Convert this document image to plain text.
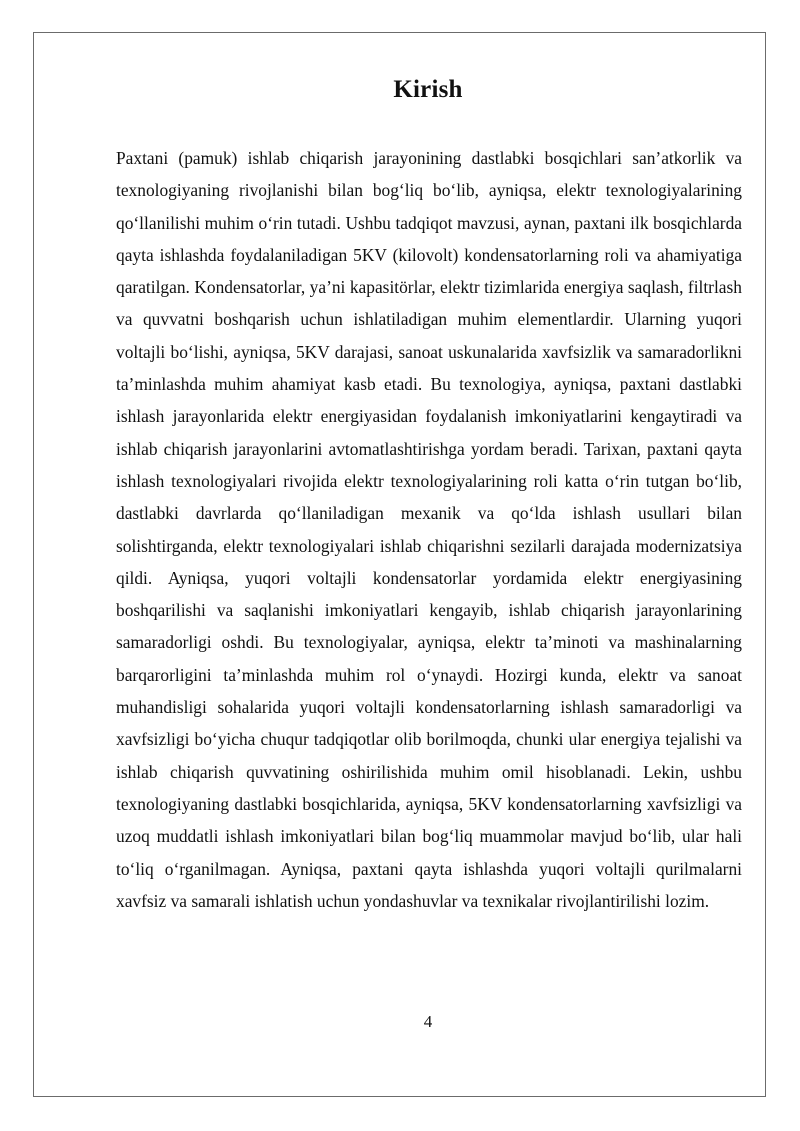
Kirish

Paxtani (pamuk) ishlab chiqarish jarayonining dastlabki bosqichlari san’atkorlik va texnologiyaning rivojlanishi bilan bog‘liq bo‘lib, ayniqsa, elektr texnologiyalarining qo‘llanilishi muhim o‘rin tutadi. Ushbu tadqiqot mavzusi, aynan, paxtani ilk bosqichlarda qayta ishlashda foydalaniladigan 5KV (kilovolt) kondensatorlarning roli va ahamiyatiga qaratilgan. Kondensatorlar, ya’ni kapasitörlar, elektr tizimlarida energiya saqlash, filtrlash va quvvatni boshqarish uchun ishlatiladigan muhim elementlardir. Ularning yuqori voltajli bo‘lishi, ayniqsa, 5KV darajasi, sanoat uskunalarida xavfsizlik va samaradorlikni ta’minlashda muhim ahamiyat kasb etadi. Bu texnologiya, ayniqsa, paxtani dastlabki ishlash jarayonlarida elektr energiyasidan foydalanish imkoniyatlarini kengaytiradi va ishlab chiqarish jarayonlarini avtomatlashtirishga yordam beradi. Tarixan, paxtani qayta ishlash texnologiyalari rivojida elektr texnologiyalarining roli katta o‘rin tutgan bo‘lib, dastlabki davrlarda qo‘llaniladigan mexanik va qo‘lda ishlash usullari bilan solishtirganda, elektr texnologiyalari ishlab chiqarishni sezilarli darajada modernizatsiya qildi. Ayniqsa, yuqori voltajli kondensatorlar yordamida elektr energiyasining boshqarilishi va saqlanishi imkoniyatlari kengayib, ishlab chiqarish jarayonlarining samaradorligi oshdi. Bu texnologiyalar, ayniqsa, elektr ta’minoti va mashinalarning barqarorligini ta’minlashda muhim rol o‘ynaydi. Hozirgi kunda, elektr va sanoat muhandisligi sohalarida yuqori voltajli kondensatorlarning ishlash samaradorligi va xavfsizligi bo‘yicha chuqur tadqiqotlar olib borilmoqda, chunki ular energiya tejalishi va ishlab chiqarish quvvatining oshirilishida muhim omil hisoblanadi. Lekin, ushbu texnologiyaning dastlabki bosqichlarida, ayniqsa, 5KV kondensatorlarning xavfsizligi va uzoq muddatli ishlash imkoniyatlari bilan bog‘liq muammolar mavjud bo‘lib, ular hali to‘liq o‘rganilmagan. Ayniqsa, paxtani qayta ishlashda yuqori voltajli qurilmalarni xavfsiz va samarali ishlatish uchun yondashuvlar va texnikalar rivojlantirilishi lozim.

4
